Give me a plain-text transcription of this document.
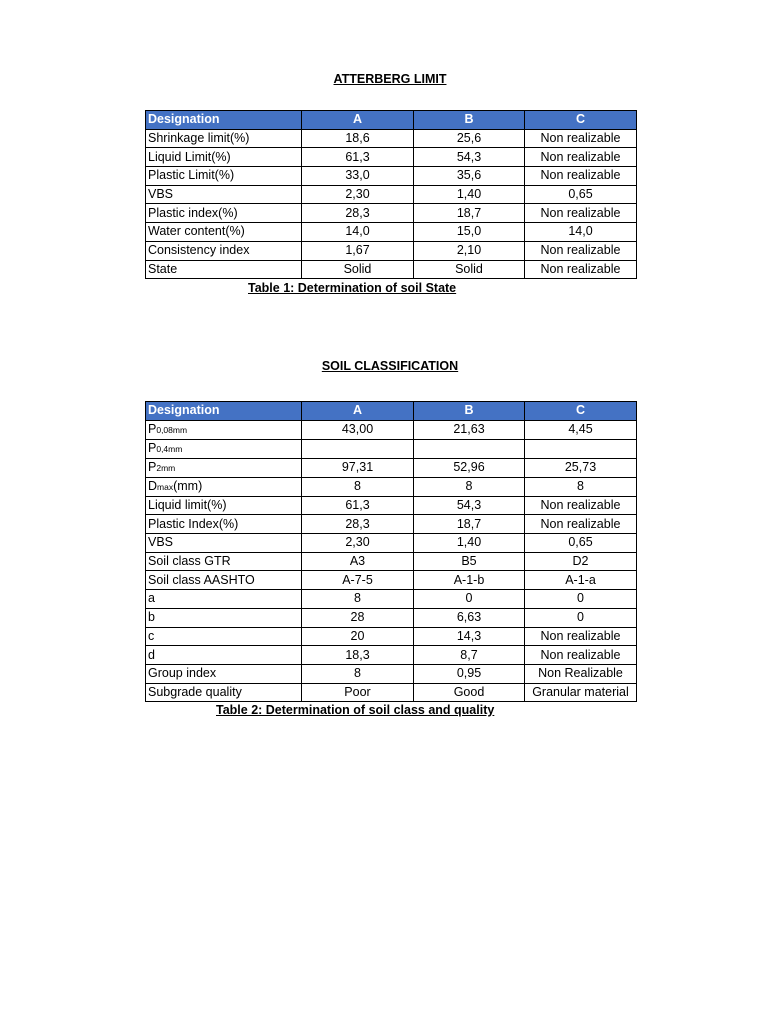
ATTERBERG LIMIT
Designation	A	B	C
Shrinkage limit(%)	18,6	25,6	Non realizable
Liquid Limit(%)	61,3	54,3	Non realizable
Plastic Limit(%)	33,0	35,6	Non realizable
VBS	2,30	1,40	0,65
Plastic index(%)	28,3	18,7	Non realizable
Water content(%)	14,0	15,0	14,0
Consistency index	1,67	2,10	Non realizable
State	Solid	Solid	Non realizable
Table 1: Determination of soil State
SOIL CLASSIFICATION
Designation	A	B	C
P0,08mm	43,00	21,63	4,45
P0,4mm			
P2mm	97,31	52,96	25,73
Dmax(mm)	8	8	8
Liquid limit(%)	61,3	54,3	Non realizable
Plastic Index(%)	28,3	18,7	Non realizable
VBS	2,30	1,40	0,65
Soil class GTR	A3	B5	D2
Soil class AASHTO	A-7-5	A-1-b	A-1-a
a	8	0	0
b	28	6,63	0
c	20	14,3	Non realizable
d	18,3	8,7	Non realizable
Group index	8	0,95	Non Realizable
Subgrade quality	Poor	Good	Granular material
Table 2: Determination of soil class and quality
